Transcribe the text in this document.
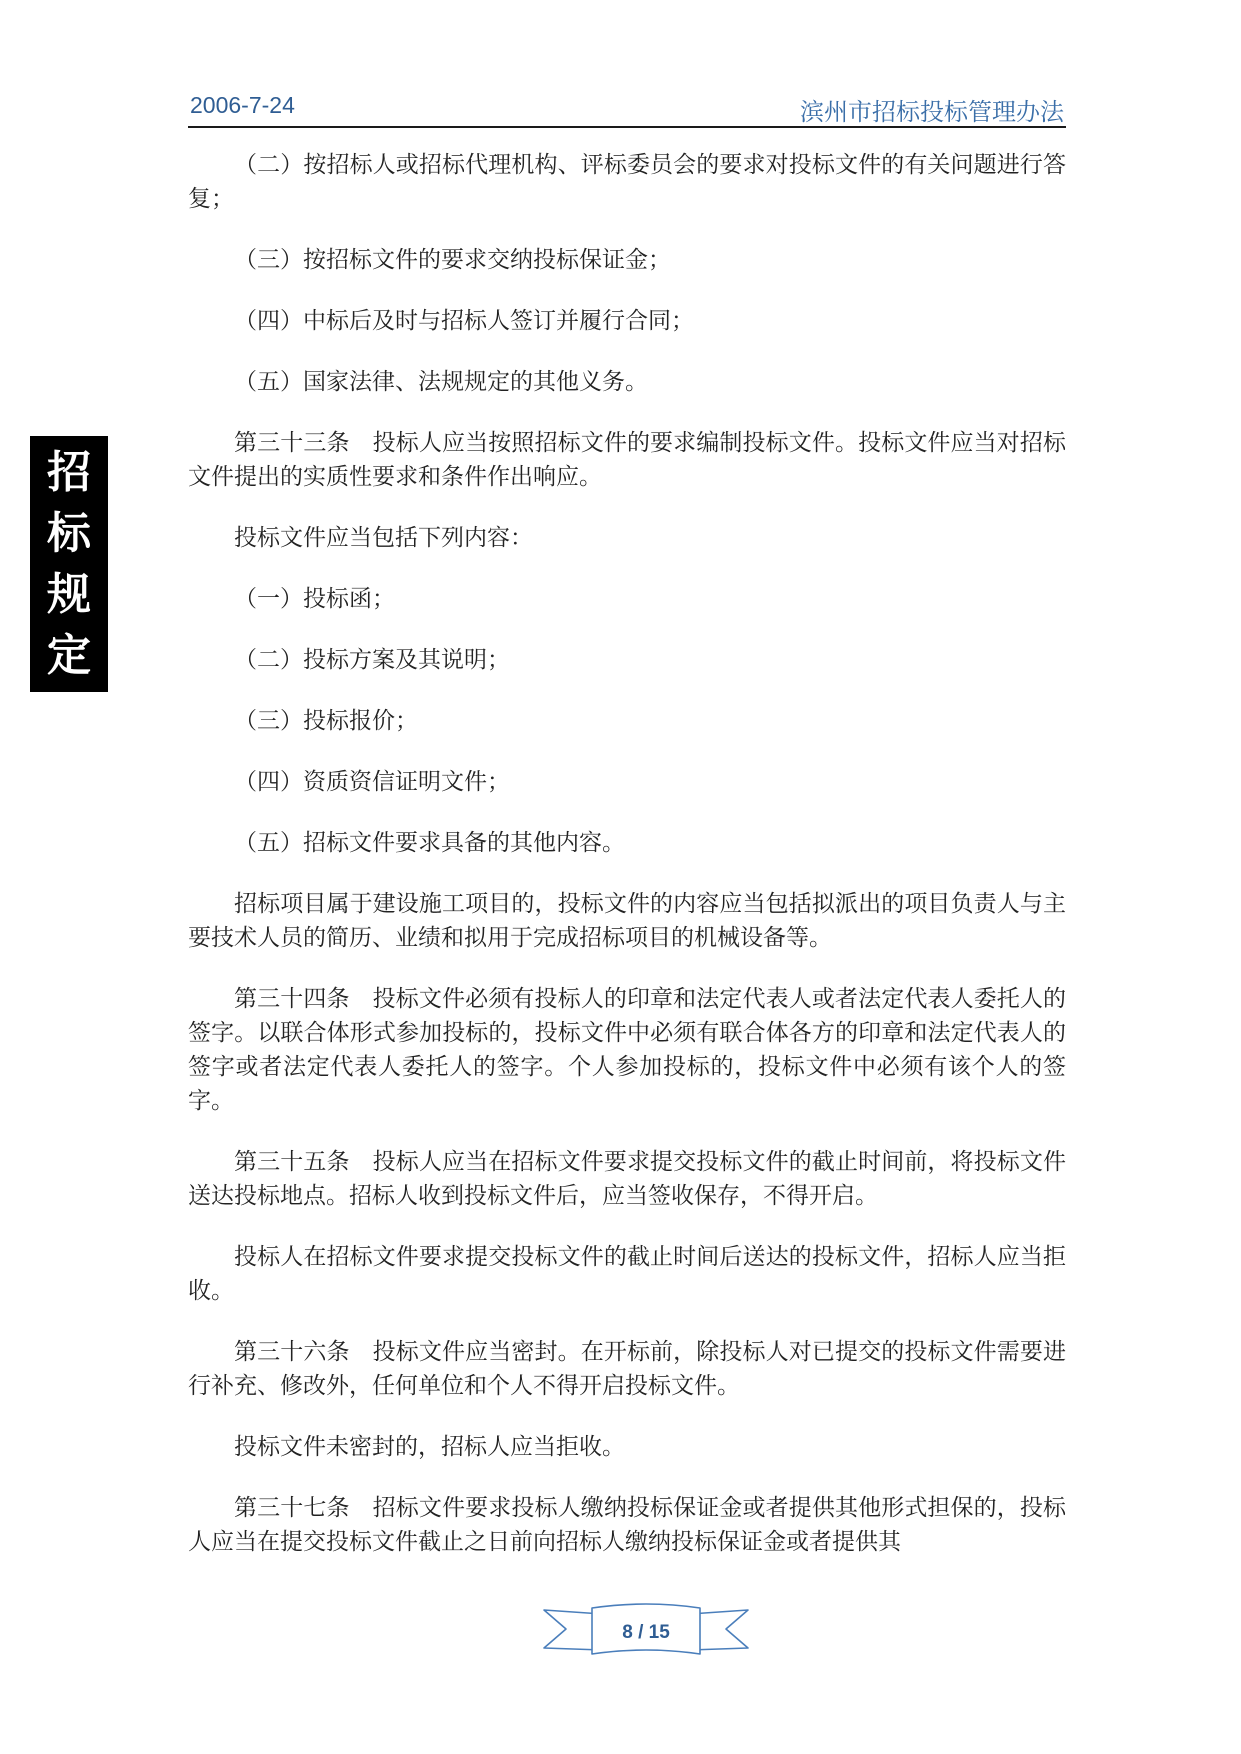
2006-7-24	滨州市招标投标管理办法
招
标
规
定

（二）按招标人或招标代理机构、评标委员会的要求对投标文件的有关问题进行答复；

（三）按招标文件的要求交纳投标保证金；

（四）中标后及时与招标人签订并履行合同；

（五）国家法律、法规规定的其他义务。

第三十三条　投标人应当按照招标文件的要求编制投标文件。投标文件应当对招标文件提出的实质性要求和条件作出响应。

投标文件应当包括下列内容：

（一）投标函；

（二）投标方案及其说明；

（三）投标报价；

（四）资质资信证明文件；

（五）招标文件要求具备的其他内容。

招标项目属于建设施工项目的，投标文件的内容应当包括拟派出的项目负责人与主要技术人员的简历、业绩和拟用于完成招标项目的机械设备等。

第三十四条　投标文件必须有投标人的印章和法定代表人或者法定代表人委托人的签字。以联合体形式参加投标的，投标文件中必须有联合体各方的印章和法定代表人的签字或者法定代表人委托人的签字。个人参加投标的，投标文件中必须有该个人的签字。

第三十五条　投标人应当在招标文件要求提交投标文件的截止时间前，将投标文件送达投标地点。招标人收到投标文件后，应当签收保存，不得开启。

投标人在招标文件要求提交投标文件的截止时间后送达的投标文件，招标人应当拒收。

第三十六条　投标文件应当密封。在开标前，除投标人对已提交的投标文件需要进行补充、修改外，任何单位和个人不得开启投标文件。

投标文件未密封的，招标人应当拒收。

第三十七条　招标文件要求投标人缴纳投标保证金或者提供其他形式担保的，投标人应当在提交投标文件截止之日前向招标人缴纳投标保证金或者提供其

8 / 15
